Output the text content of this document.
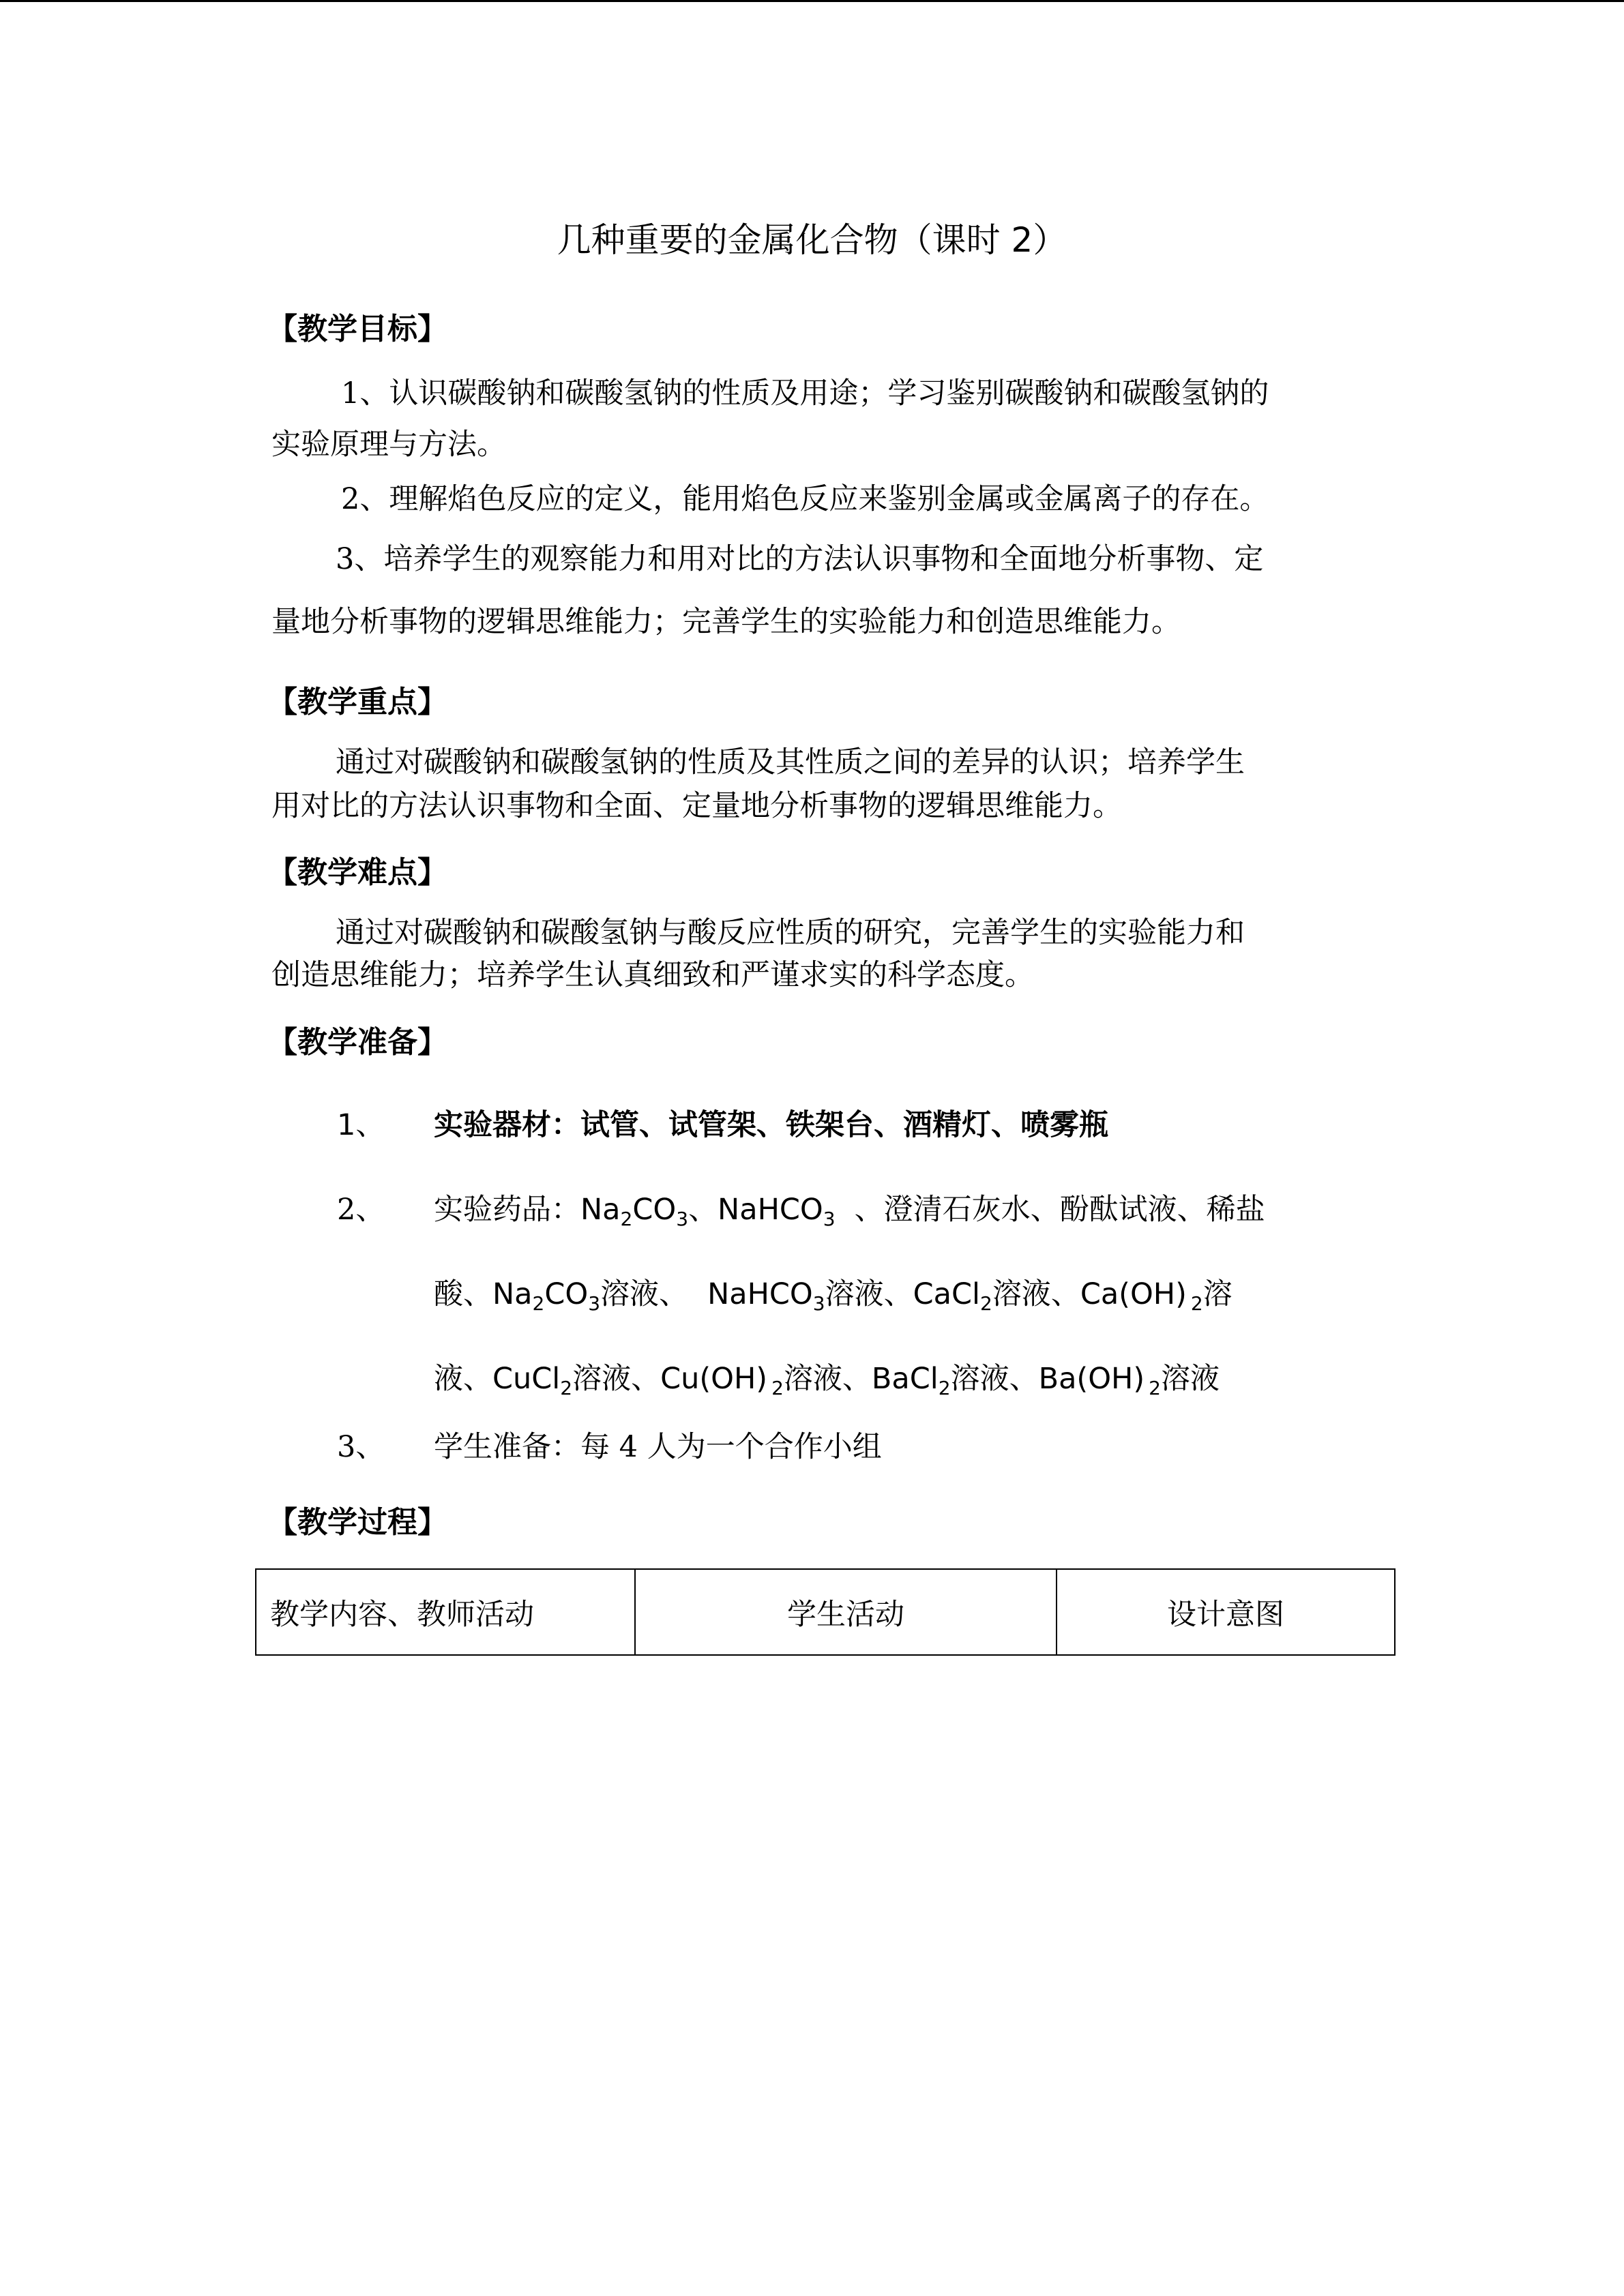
几种重要的金属化合物（课时 2）
【教学目标】
1、认识碳酸钠和碳酸氢钠的性质及用途；学习鉴别碳酸钠和碳酸氢钠的
实验原理与方法。
2、理解焰色反应的定义，能用焰色反应来鉴别金属或金属离子的存在。
3、培养学生的观察能力和用对比的方法认识事物和全面地分析事物、定
量地分析事物的逻辑思维能力；完善学生的实验能力和创造思维能力。
【教学重点】
通过对碳酸钠和碳酸氢钠的性质及其性质之间的差异的认识；培养学生
用对比的方法认识事物和全面、定量地分析事物的逻辑思维能力。
【教学难点】
通过对碳酸钠和碳酸氢钠与酸反应性质的研究，完善学生的实验能力和
创造思维能力；培养学生认真细致和严谨求实的科学态度。
【教学准备】
1、 实验器材：试管、试管架、铁架台、酒精灯、喷雾瓶
2、 实验药品：$Na_2CO_3$、NaHCO$_3$ 、澄清石灰水、酚酞试液、稀盐
酸、$Na_2CO_3$溶液、 NaHCO$_3$溶液、CaCl$_2$溶液、Ca(OH) $_2$溶
液、CuCl$_2$溶液、Cu(OH) $_2$溶液、BaCl$_2$溶液、Ba(OH) $_2$溶液
3、 学生准备：每 4 人为一个合作小组
【教学过程】
教学内容、教师活动	学生活动	设计意图
